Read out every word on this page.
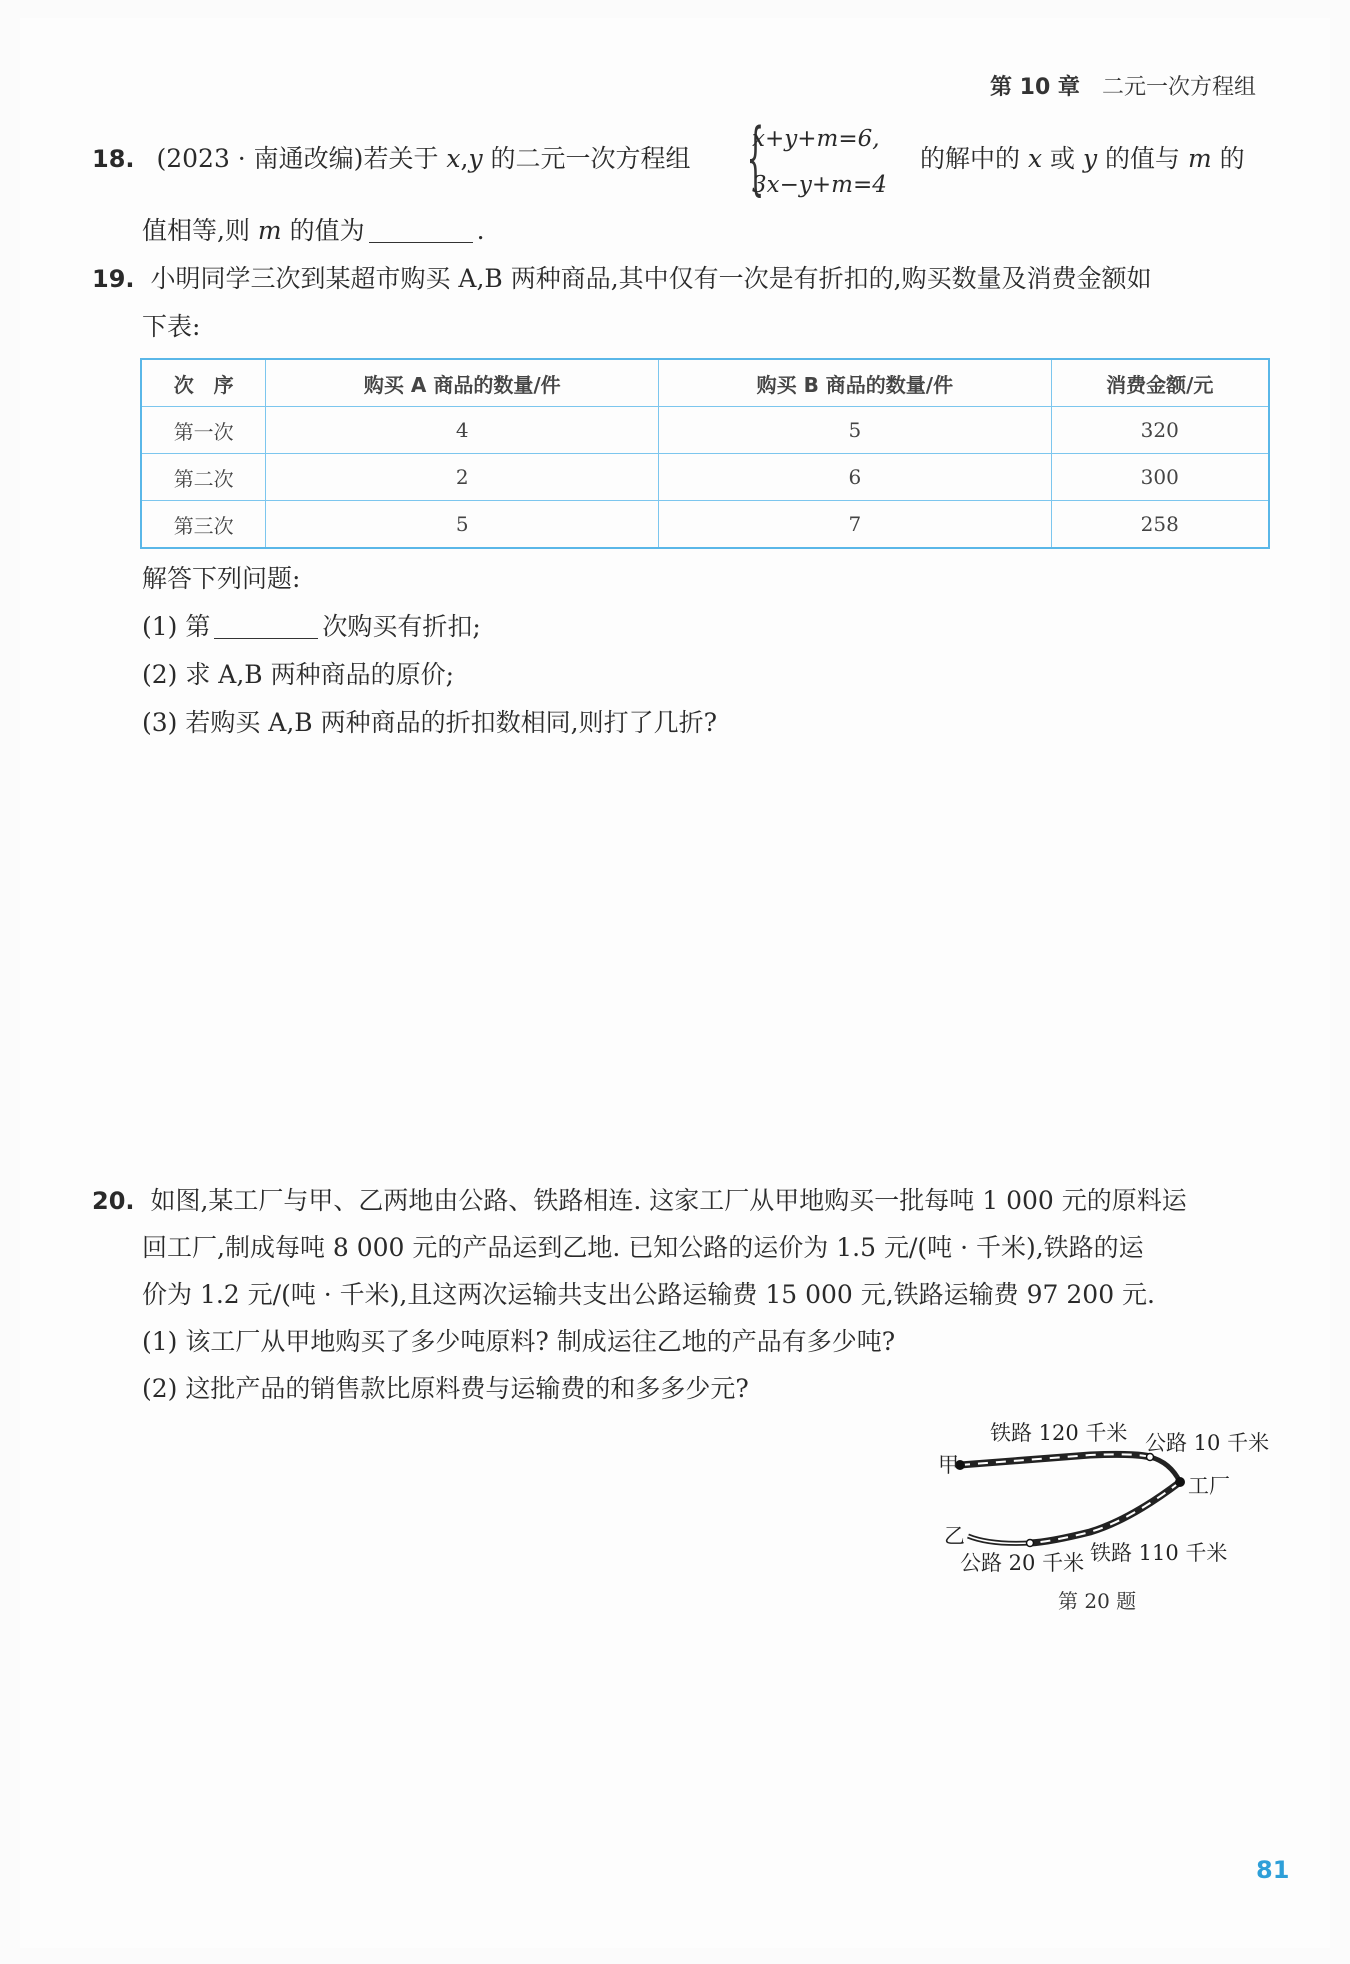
第 10 章 二元一次方程组
18. (2023 · 南通改编)若关于 x,y 的二元一次方程组 {
x+y+m=6,
3x−y+m=4
的解中的 x 或 y 的值与 m 的
值相等,则 m 的值为	.
19. 小明同学三次到某超市购买 A,B 两种商品,其中仅有一次是有折扣的,购买数量及消费金额如
下表:
次　序	购买 A 商品的数量/件	购买 B 商品的数量/件	消费金额/元
第一次	4	5	320
第二次	2	6	300
第三次	5	7	258
解答下列问题:
(1) 第	次购买有折扣;
(2) 求 A,B 两种商品的原价;
(3) 若购买 A,B 两种商品的折扣数相同,则打了几折?
20. 如图,某工厂与甲、乙两地由公路、铁路相连. 这家工厂从甲地购买一批每吨 1 000 元的原料运
回工厂,制成每吨 8 000 元的产品运到乙地. 已知公路的运价为 1.5 元/(吨 · 千米),铁路的运
价为 1.2 元/(吨 · 千米),且这两次运输共支出公路运输费 15 000 元,铁路运输费 97 200 元.
(1) 该工厂从甲地购买了多少吨原料? 制成运往乙地的产品有多少吨?
(2) 这批产品的销售款比原料费与运输费的和多多少元?
铁路 120 千米 公路 10 千米
甲
工厂
乙
公路 20 千米 铁路 110 千米
第 20 题
81
